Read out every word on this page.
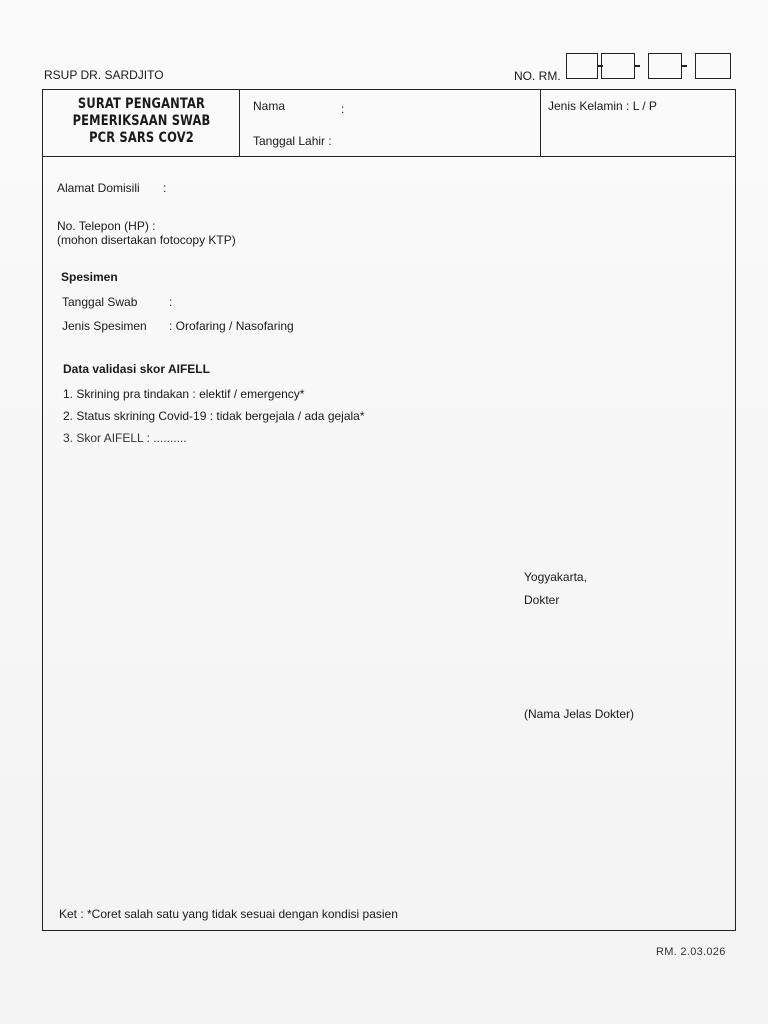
RSUP DR. SARDJITO	NO. RM.
SURAT PENGANTAR
PEMERIKSAAN SWAB
PCR SARS COV2
Nama	:
Tanggal Lahir :
Jenis Kelamin : L / P
Alamat Domisili :
No. Telepon (HP) :
(mohon disertakan fotocopy KTP)
Spesimen
Tanggal Swab	:
Jenis Spesimen : Orofaring / Nasofaring
Data validasi skor AIFELL
1. Skrining pra tindakan : elektif / emergency*
2. Status skrining Covid-19 : tidak bergejala / ada gejala*
3. Skor AIFELL : ..........
Yogyakarta,
Dokter
(Nama Jelas Dokter)
Ket : *Coret salah satu yang tidak sesuai dengan kondisi pasien
RM. 2.03.026
